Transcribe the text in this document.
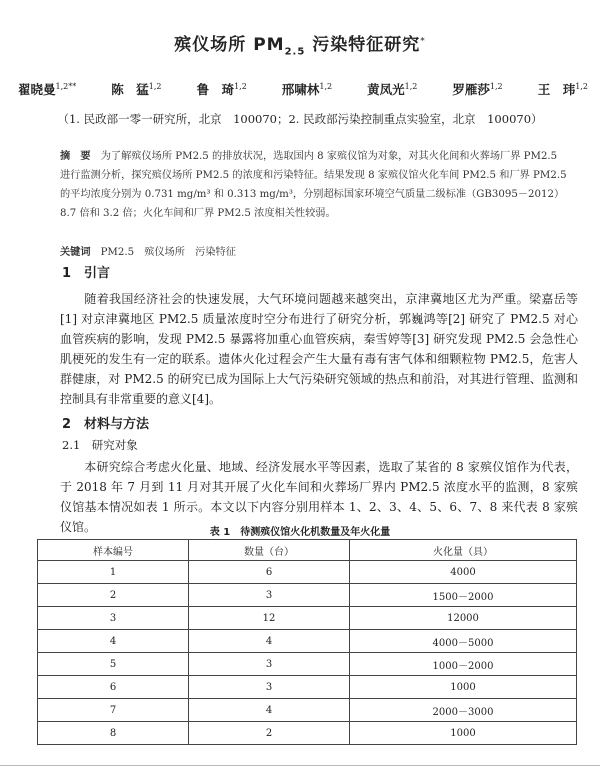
殡仪场所 $PM_{2.5}$ 污染特征研究*
翟晓曼$^{1,2**}$	陈　猛$^{1,2}$	鲁　琦$^{1,2}$	邢啸林$^{1,2}$	黄凤光$^{1,2}$	罗雁莎$^{1,2}$	王　玮$^{1,2}$
（1. 民政部一零一研究所，北京　100070；2. 民政部污染控制重点实验室，北京　100070）
摘　要　 为了解殡仪场所 PM2.5 的排放状况，选取国内 8 家殡仪馆为对象，对其火化间和火葬场厂界 PM2.5 进行监测分析，探究殡仪场所 PM2.5 的浓度和污染特征。结果发现 8 家殡仪馆火化车间 PM2.5 和厂界 PM2.5 的平均浓度分别为 0.731 mg/m³ 和 0.313 mg/m³，分别超标国家环境空气质量二级标准（GB3095－2012）8.7 倍和 3.2 倍；火化车间和厂界 PM2.5 浓度相关性较弱。
关键词 PM2.5　殡仪场所　污染特征
1 引言
随着我国经济社会的快速发展，大气环境问题越来越突出，京津冀地区尤为严重。梁嘉岳等[1] 对京津冀地区 PM2.5 质量浓度时空分布进行了研究分析，郭巍鸿等[2] 研究了 PM2.5 对心血管疾病的影响，发现 PM2.5 暴露将加重心血管疾病，秦雪婷等[3] 研究发现 PM2.5 会急性心肌梗死的发生有一定的联系。遗体火化过程会产生大量有毒有害气体和细颗粒物 PM2.5，危害人群健康，对 PM2.5 的研究已成为国际上大气污染研究领域的热点和前沿，对其进行管理、监测和控制具有非常重要的意义[4]。
2 材料与方法
2.1　 研究对象
本研究综合考虑火化量、地域、经济发展水平等因素，选取了某省的 8 家殡仪馆作为代表，于 2018 年 7 月到 11 月对其开展了火化车间和火葬场厂界内 PM2.5 浓度水平的监测，8 家殡仪馆基本情况如表 1 所示。本文以下内容分别用样本 1、2、3、4、5、6、7、8 来代表 8 家殡仪馆。	表 1　待测殡仪馆火化机数量及年火化量
样本编号	数量（台）	火化量（具）
1	6	4000
2	3	1500－2000
3	12	12000
4	4	4000－5000
5	3	1000－2000
6	3	1000
7	4	2000－3000
8	2	1000
